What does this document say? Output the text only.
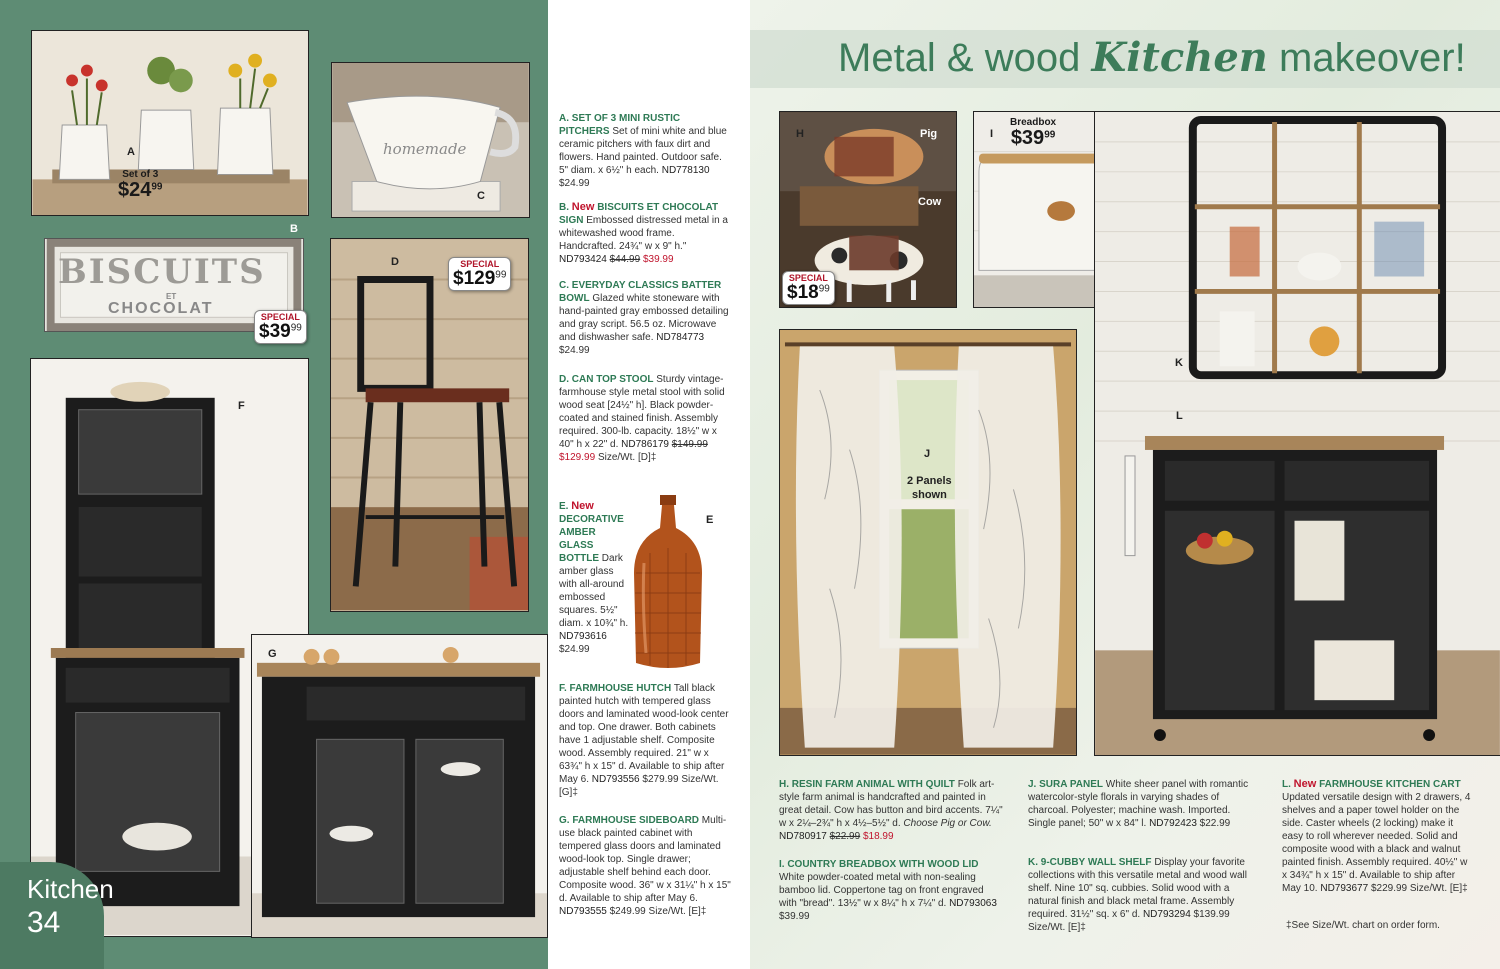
A
Set of 3
$\$24^{99}$
homemade
C
B
BISCUITS
ET
CHOCOLAT	SPECIAL
$\$39^{99}$
D	SPECIAL
$\$129^{99}$
F
G
Kitchen
34
A. SET OF 3 MINI RUSTIC PITCHERS Set of mini white and blue ceramic pitchers with faux dirt and flowers. Hand painted. Outdoor safe. 5" diam. x 6½" h each. ND778130 $24.99
B. New BISCUITS ET CHOCOLAT SIGN Embossed distressed metal in a whitewashed wood frame. Handcrafted. 24¾" w x 9" h." ND793424 $44.99 $39.99
C. EVERYDAY CLASSICS BATTER BOWL Glazed white stoneware with hand-painted gray embossed detailing and gray script. 56.5 oz. Microwave and dishwasher safe. ND784773 $24.99
D. CAN TOP STOOL Sturdy vintage-farmhouse style metal stool with solid wood seat [24½" h]. Black powder-coated and stained finish. Assembly required. 300-lb. capacity. 18½" w x 40" h x 22" d. ND786179 $149.99 $129.99 Size/Wt. [D]‡
E. New DECORATIVE AMBER GLASS BOTTLE Dark amber glass with all-around embossed squares. 5½" diam. x 10¾" h. ND793616 $24.99
E
F. FARMHOUSE HUTCH Tall black painted hutch with tempered glass doors and laminated wood-look center and top. One drawer. Both cabinets have 1 adjustable shelf. Composite wood. Assembly required. 21" w x 63¾" h x 15" d. Available to ship after May 6. ND793556 $279.99 Size/Wt. [G]‡
G. FARMHOUSE SIDEBOARD Multi-use black painted cabinet with tempered glass doors and laminated wood-look top. Single drawer; adjustable shelf behind each door. Composite wood. 36" w x 31¼" h x 15" d. Available to ship after May 6. ND793555 $249.99 Size/Wt. [E]‡
Metal & wood Kitchen makeover!
H	Pig
Cow
SPECIAL
$\$18^{99}$
I
Breadbox
$\$39^{99}$
J
2 Panels
shown
K
L
H. RESIN FARM ANIMAL WITH QUILT Folk art-style farm animal is handcrafted and painted in great detail. Cow has button and bird accents. 7¼" w x 2¼–2¾" h x 4½–5½" d. Choose Pig or Cow. ND780917 $22.99 $18.99
I. COUNTRY BREADBOX WITH WOOD LID White powder-coated metal with non-sealing bamboo lid. Coppertone tag on front engraved with "bread". 13½" w x 8¼" h x 7¼" d. ND793063 $39.99
J. SURA PANEL White sheer panel with romantic watercolor-style florals in varying shades of charcoal. Polyester; machine wash. Imported. Single panel; 50" w x 84" l. ND792423 $22.99
K. 9-CUBBY WALL SHELF Display your favorite collections with this versatile metal and wood wall shelf. Nine 10" sq. cubbies. Solid wood with a natural finish and black metal frame. Assembly required. 31½" sq. x 6" d. ND793294 $139.99 Size/Wt. [E]‡
L. New FARMHOUSE KITCHEN CART Updated versatile design with 2 drawers, 4 shelves and a paper towel holder on the side. Caster wheels (2 locking) make it easy to roll wherever needed. Solid and composite wood with a black and walnut painted finish. Assembly required. 40½" w x 34¾" h x 15" d. Available to ship after May 10. ND793677 $229.99 Size/Wt. [E]‡
‡See Size/Wt. chart on order form.
